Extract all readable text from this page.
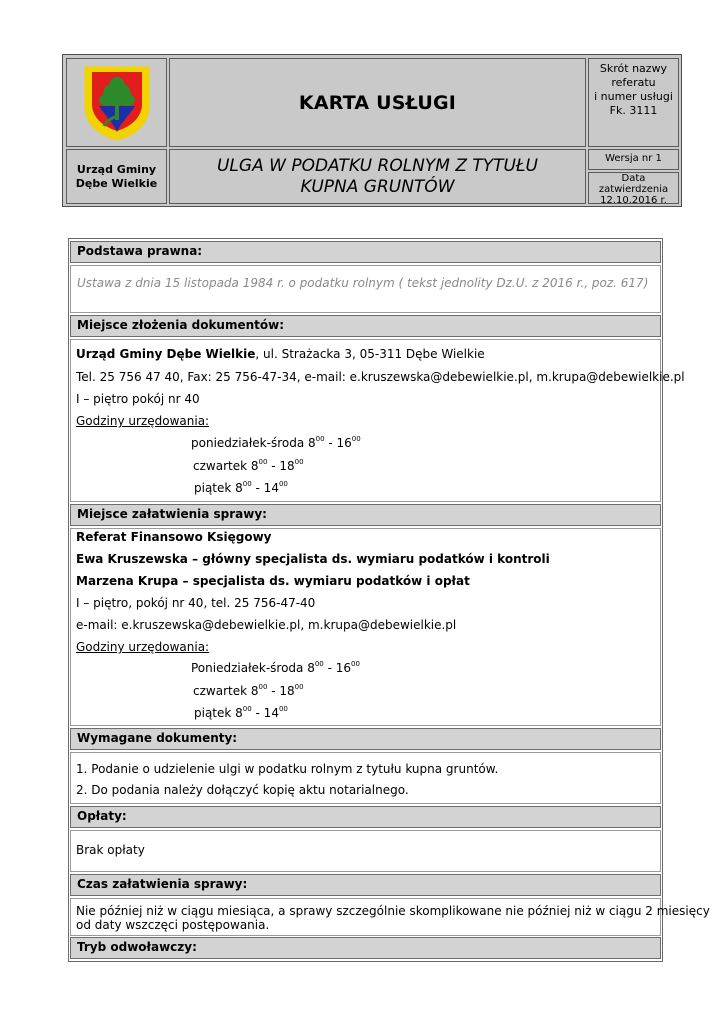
KARTA USŁUGI
Skrót nazwy
referatu
i numer usługi
Fk. 3111
Urząd Gminy
Dębe Wielkie
ULGA W PODATKU ROLNYM Z TYTUŁU KUPNA GRUNTÓW
Wersja nr 1
Data
zatwierdzenia
12.10.2016 r.
Podstawa prawna:
Ustawa z dnia 15 listopada 1984 r. o podatku rolnym ( tekst jednolity Dz.U. z 2016 r., poz. 617)
Miejsce złożenia dokumentów:
Urząd Gminy Dębe Wielkie, ul. Strażacka 3, 05-311 Dębe Wielkie
Tel. 25 756 47 40, Fax: 25 756-47-34, e-mail: e.kruszewska@debewielkie.pl, m.krupa@debewielkie.pl
I – piętro pokój nr 40
Godziny urzędowania:
poniedziałek-środa $8^{00} - 16^{00}$
czwartek $8^{00} - 18^{00}$
piątek $8^{00} - 14^{00}$
Miejsce załatwienia sprawy:
Referat Finansowo Księgowy
Ewa Kruszewska – główny specjalista ds. wymiaru podatków i kontroli
Marzena Krupa – specjalista ds. wymiaru podatków i opłat
I – piętro, pokój nr 40, tel. 25 756-47-40
e-mail: e.kruszewska@debewielkie.pl, m.krupa@debewielkie.pl
Godziny urzędowania:
Poniedziałek-środa $8^{00} - 16^{00}$
czwartek $8^{00} - 18^{00}$
piątek $8^{00} - 14^{00}$
Wymagane dokumenty:
1. Podanie o udzielenie ulgi w podatku rolnym z tytułu kupna gruntów.
2. Do podania należy dołączyć kopię aktu notarialnego.
Opłaty:
Brak opłaty
Czas załatwienia sprawy:
Nie później niż w ciągu miesiąca, a sprawy szczególnie skomplikowane nie później niż w ciągu 2 miesięcy
od daty wszczęci postępowania.
Tryb odwoławczy:
